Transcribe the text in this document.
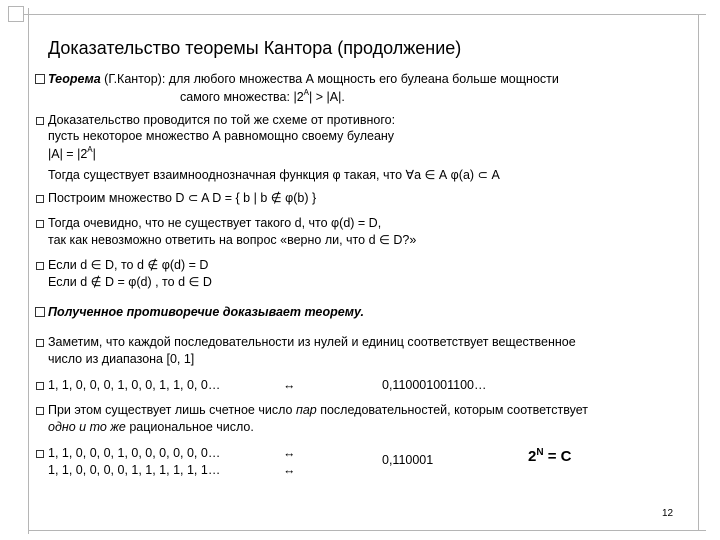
Доказательство теоремы Кантора (продолжение)
Теорема (Г.Кантор): для любого множества А мощность его булеана больше мощности
самого множества: $|2^A| > |A|$.
Доказательство проводится по той же схеме от противного:
пусть некоторое множество А равномощно своему булеану
$|A| = |2^A|$
Тогда существует взаимнооднозначная функция φ такая, что ∀а ∈ А φ(а) ⊂ А
Построим множество D ⊂ A D = { b | b ∉ φ(b) }
Тогда очевидно, что не существует такого d, что φ(d) = D,
так как невозможно ответить на вопрос «верно ли, что d ∈ D?»
Если d ∈ D, то d ∉ φ(d) = D
Если d ∉ D = φ(d) , то d ∈ D
Полученное противоречие доказывает теорему.
Заметим, что каждой последовательности из нулей и единиц соответствует вещественное
число из диапазона [0, 1]
1, 1, 0, 0, 0, 1, 0, 0, 1, 1, 0, 0…	↔	0,110001001100…
При этом существует лишь счетное число пар последовательностей, которым соответствует
одно и то же рациональное число.
1, 1, 0, 0, 0, 1, 0, 0, 0, 0, 0, 0…	↔
1, 1, 0, 0, 0, 0, 1, 1, 1, 1, 1, 1…	↔
0,110001	$2^N = C$
12
